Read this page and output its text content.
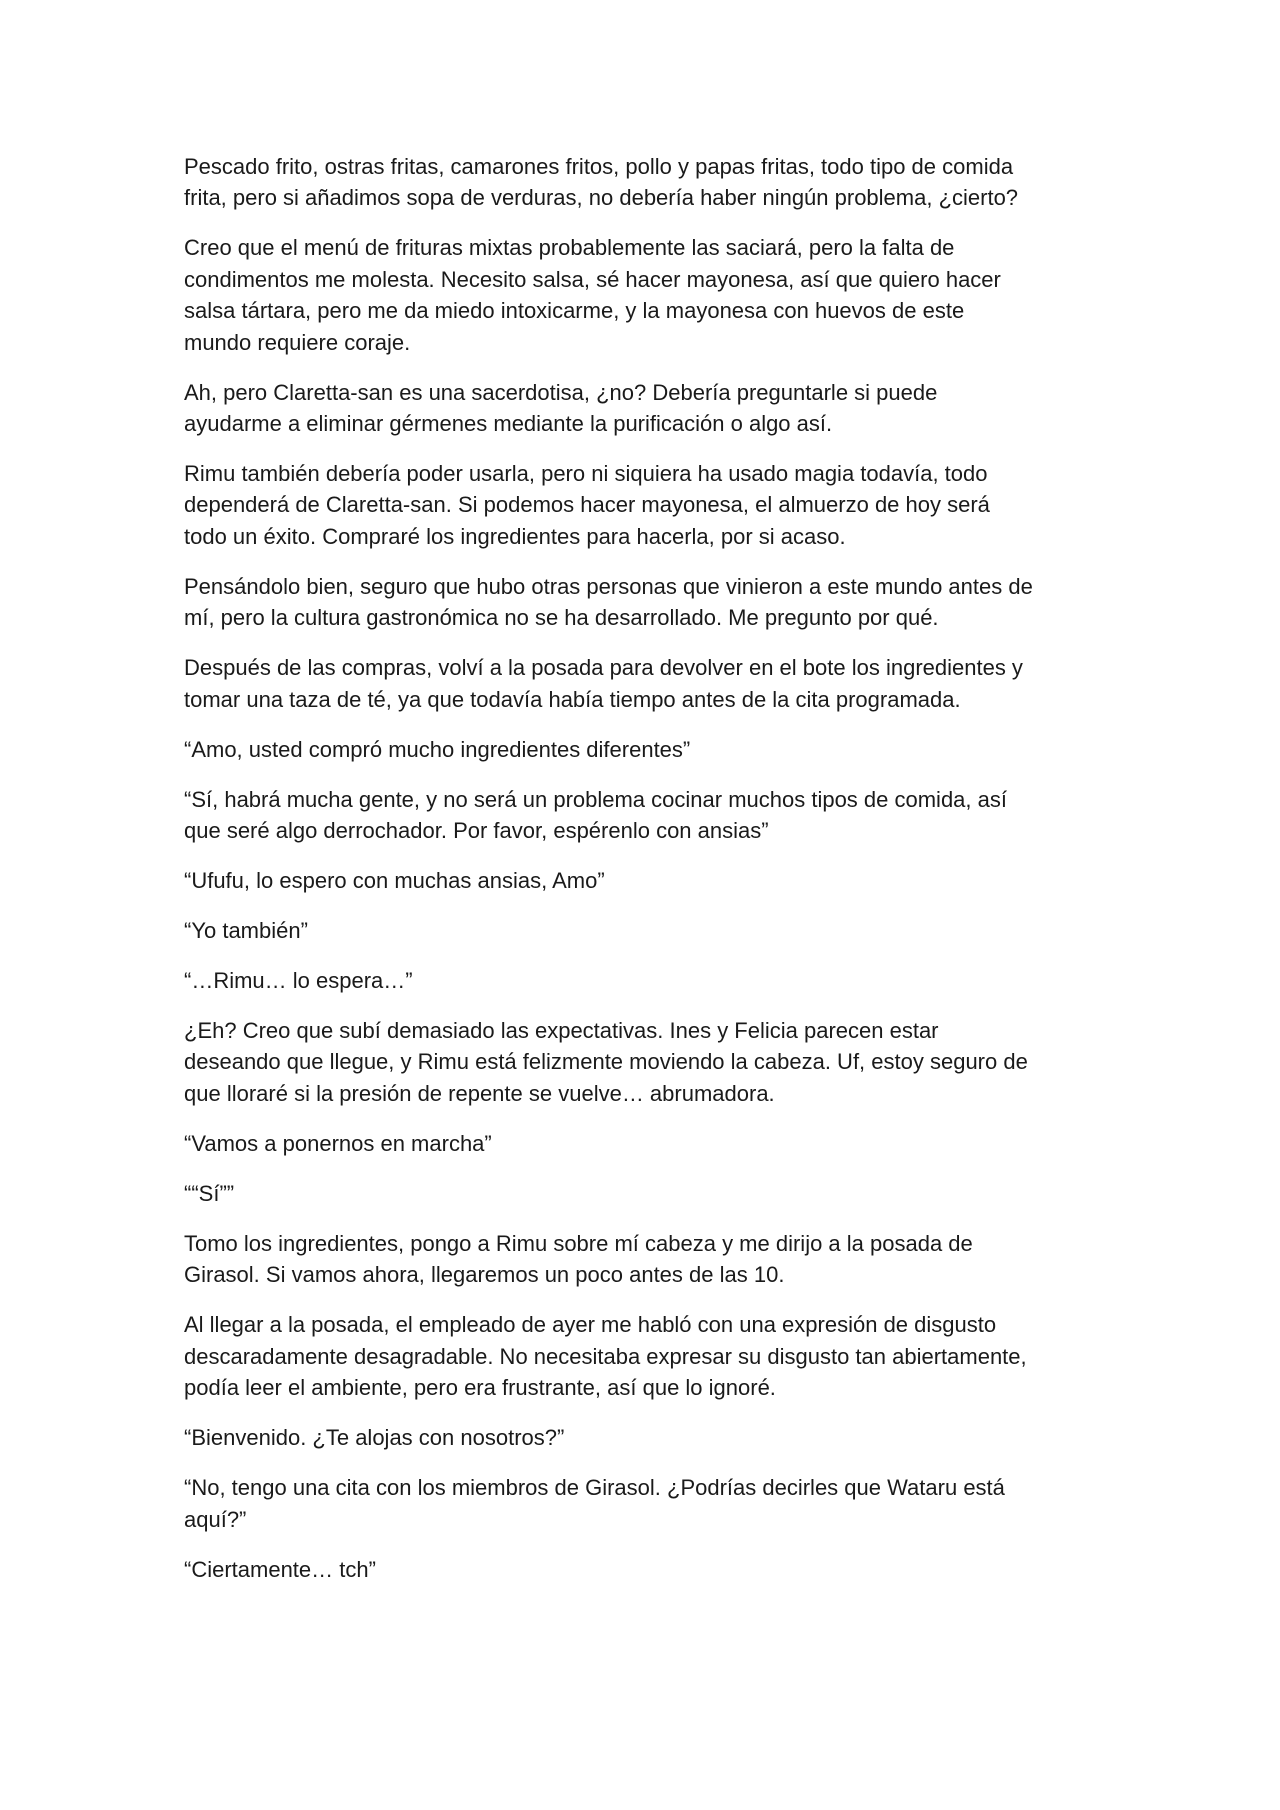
Pescado frito, ostras fritas, camarones fritos, pollo y papas fritas, todo tipo de comida
frita, pero si añadimos sopa de verduras, no debería haber ningún problema, ¿cierto?

Creo que el menú de frituras mixtas probablemente las saciará, pero la falta de
condimentos me molesta. Necesito salsa, sé hacer mayonesa, así que quiero hacer
salsa tártara, pero me da miedo intoxicarme, y la mayonesa con huevos de este
mundo requiere coraje.

Ah, pero Claretta-san es una sacerdotisa, ¿no? Debería preguntarle si puede
ayudarme a eliminar gérmenes mediante la purificación o algo así.

Rimu también debería poder usarla, pero ni siquiera ha usado magia todavía, todo
dependerá de Claretta-san. Si podemos hacer mayonesa, el almuerzo de hoy será
todo un éxito. Compraré los ingredientes para hacerla, por si acaso.

Pensándolo bien, seguro que hubo otras personas que vinieron a este mundo antes de
mí, pero la cultura gastronómica no se ha desarrollado. Me pregunto por qué.

Después de las compras, volví a la posada para devolver en el bote los ingredientes y
tomar una taza de té, ya que todavía había tiempo antes de la cita programada.

“Amo, usted compró mucho ingredientes diferentes”

“Sí, habrá mucha gente, y no será un problema cocinar muchos tipos de comida, así
que seré algo derrochador. Por favor, espérenlo con ansias”

“Ufufu, lo espero con muchas ansias, Amo”

“Yo también”

“…Rimu… lo espera…”

¿Eh? Creo que subí demasiado las expectativas. Ines y Felicia parecen estar
deseando que llegue, y Rimu está felizmente moviendo la cabeza. Uf, estoy seguro de
que lloraré si la presión de repente se vuelve… abrumadora.

“Vamos a ponernos en marcha”

““Sí””

Tomo los ingredientes, pongo a Rimu sobre mí cabeza y me dirijo a la posada de
Girasol. Si vamos ahora, llegaremos un poco antes de las 10.

Al llegar a la posada, el empleado de ayer me habló con una expresión de disgusto
descaradamente desagradable. No necesitaba expresar su disgusto tan abiertamente,
podía leer el ambiente, pero era frustrante, así que lo ignoré.

“Bienvenido. ¿Te alojas con nosotros?”

“No, tengo una cita con los miembros de Girasol. ¿Podrías decirles que Wataru está
aquí?”

“Ciertamente… tch”
